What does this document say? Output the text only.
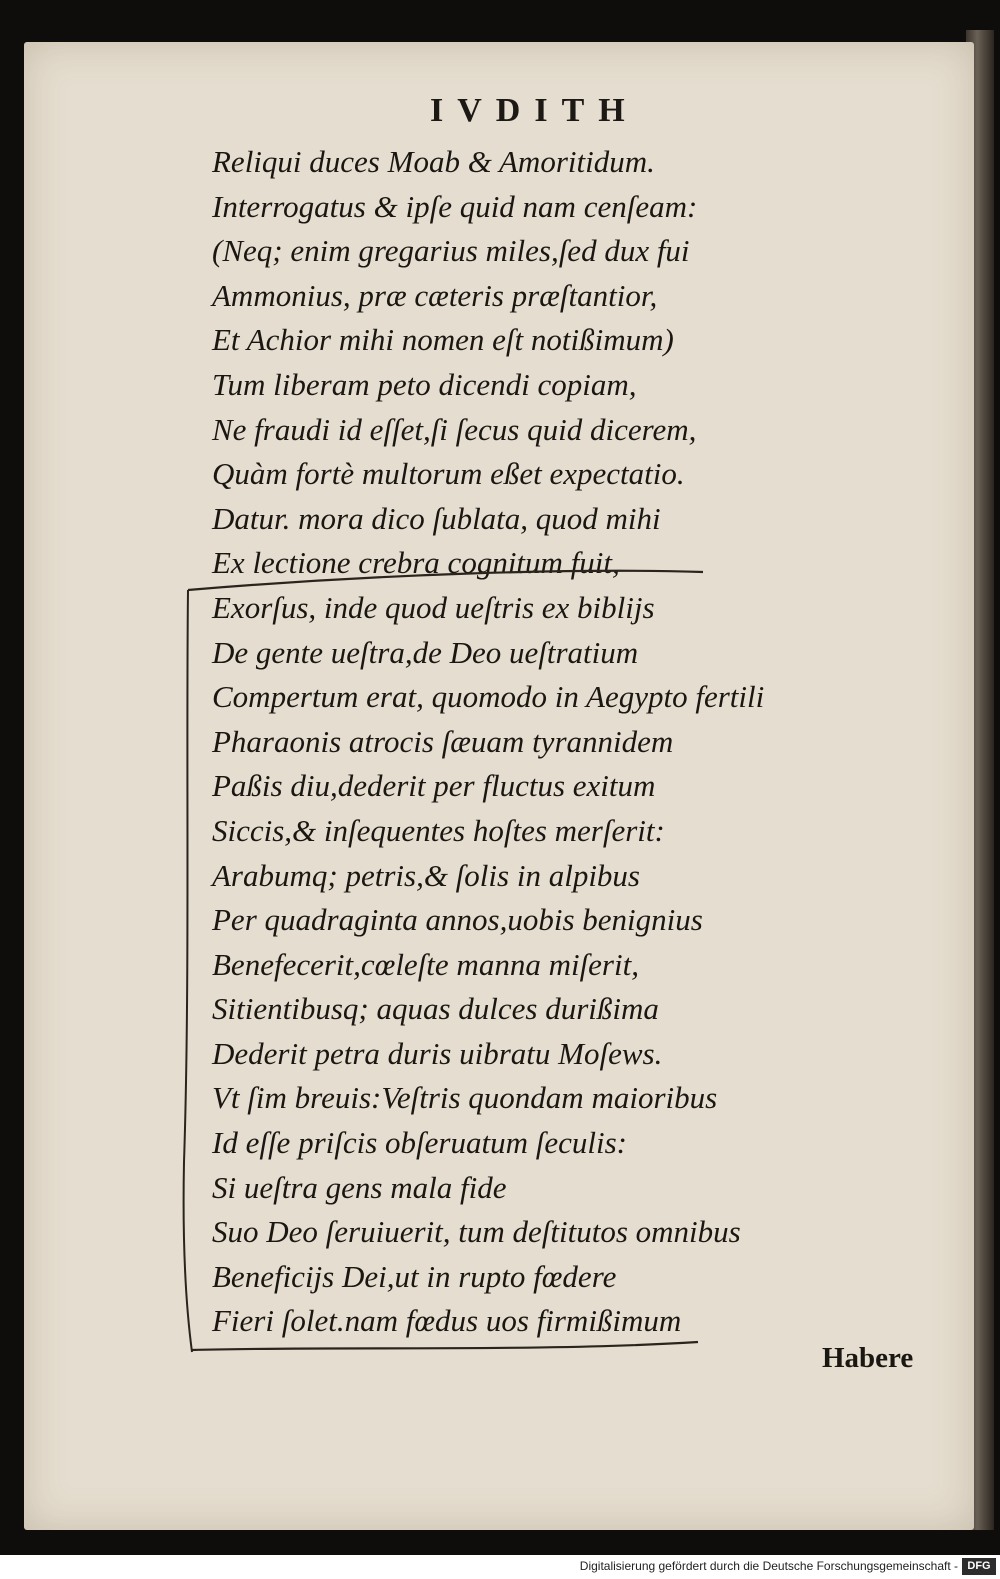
IVDITH
Reliqui duces Moab & Amoritidum.
Interrogatus & ipſe quid nam cenſeam:
(Neq; enim gregarius miles,ſed dux fui
Ammonius, præ cæteris præſtantior,
Et Achior mihi nomen eſt notißimum)
Tum liberam peto dicendi copiam,
Ne fraudi id eſſet,ſi ſecus quid dicerem,
Quàm fortè multorum eßet expectatio.
Datur. mora dico ſublata, quod mihi
Ex lectione crebra cognitum fuit,
Exorſus, inde quod ueſtris ex biblijs
De gente ueſtra,de Deo ueſtratium
Compertum erat, quomodo in Aegypto fertili
Pharaonis atrocis ſæuam tyrannidem
Paßis diu,dederit per fluctus exitum
Siccis,& inſequentes hoſtes merſerit:
Arabumq; petris,& ſolis in alpibus
Per quadraginta annos,uobis benignius
Benefecerit,cœleſte manna miſerit,
Sitientibusq; aquas dulces durißima
Dederit petra duris uibratu Moſews.
Vt ſim breuis:Veſtris quondam maioribus
Id eſſe priſcis obſeruatum ſeculis:
Si ueſtra gens mala fide
Suo Deo ſeruiuerit, tum deſtitutos omnibus
Beneficijs Dei,ut in rupto fœdere
Fieri ſolet.nam fœdus uos firmißimum
Habere
Digitalisierung gefördert durch die Deutsche Forschungsgemeinschaft - DFG
